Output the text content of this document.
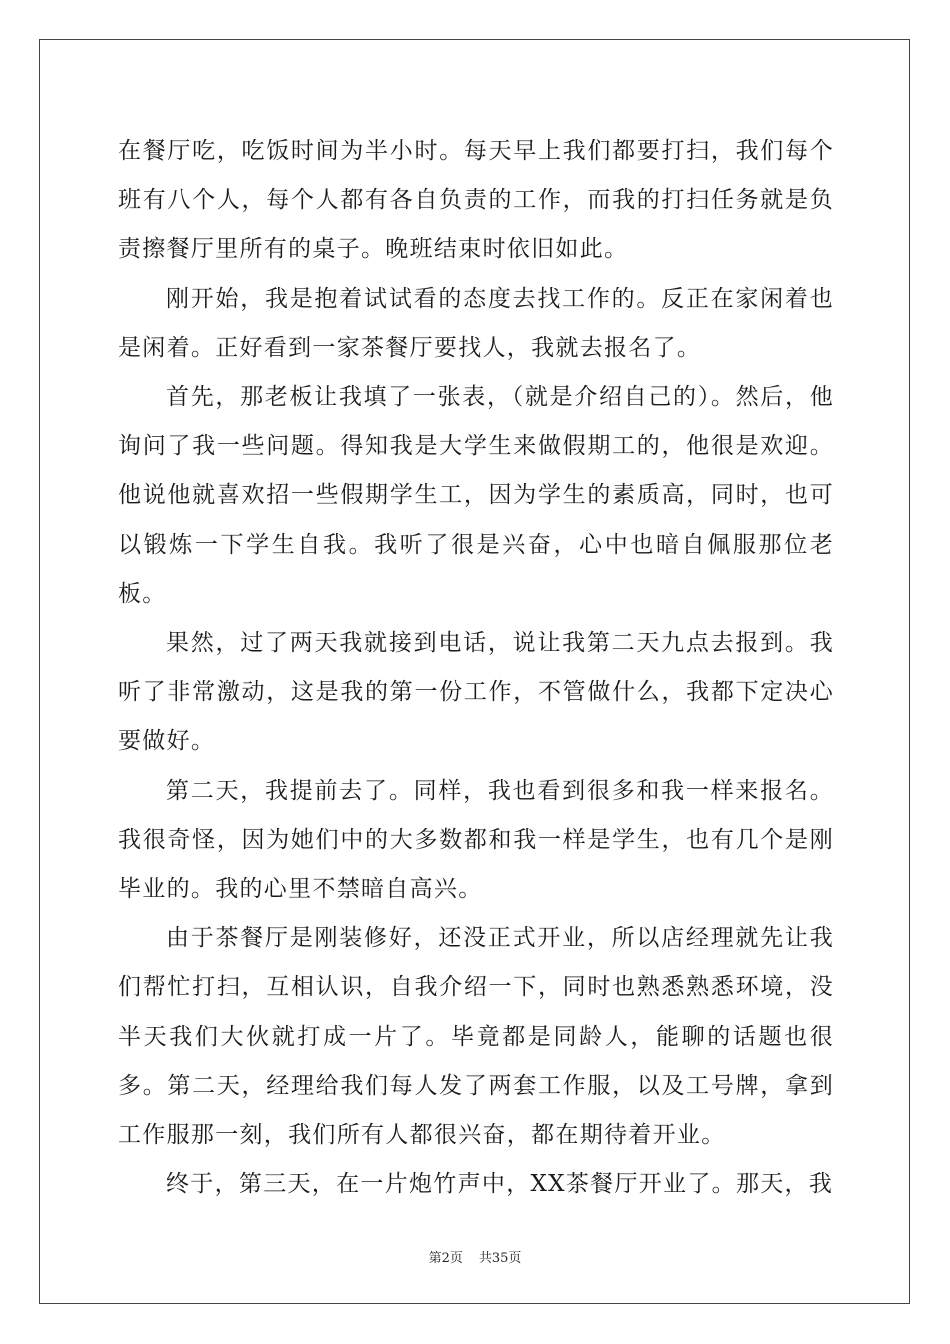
在餐厅吃，吃饭时间为半小时。每天早上我们都要打扫，我们每个班有八个人，每个人都有各自负责的工作，而我的打扫任务就是负责擦餐厅里所有的桌子。晚班结束时依旧如此。

刚开始，我是抱着试试看的态度去找工作的。反正在家闲着也是闲着。正好看到一家茶餐厅要找人，我就去报名了。

首先，那老板让我填了一张表，（就是介绍自己的）。然后，他询问了我一些问题。得知我是大学生来做假期工的，他很是欢迎。他说他就喜欢招一些假期学生工，因为学生的素质高，同时，也可以锻炼一下学生自我。我听了很是兴奋，心中也暗自佩服那位老板。

果然，过了两天我就接到电话，说让我第二天九点去报到。我听了非常激动，这是我的第一份工作，不管做什么，我都下定决心要做好。

第二天，我提前去了。同样，我也看到很多和我一样来报名。我很奇怪，因为她们中的大多数都和我一样是学生，也有几个是刚毕业的。我的心里不禁暗自高兴。

由于茶餐厅是刚装修好，还没正式开业，所以店经理就先让我们帮忙打扫，互相认识，自我介绍一下，同时也熟悉熟悉环境，没半天我们大伙就打成一片了。毕竟都是同龄人，能聊的话题也很多。第二天，经理给我们每人发了两套工作服，以及工号牌，拿到工作服那一刻，我们所有人都很兴奋，都在期待着开业。

终于，第三天，在一片炮竹声中，XX茶餐厅开业了。那天，我

第2页 共35页
